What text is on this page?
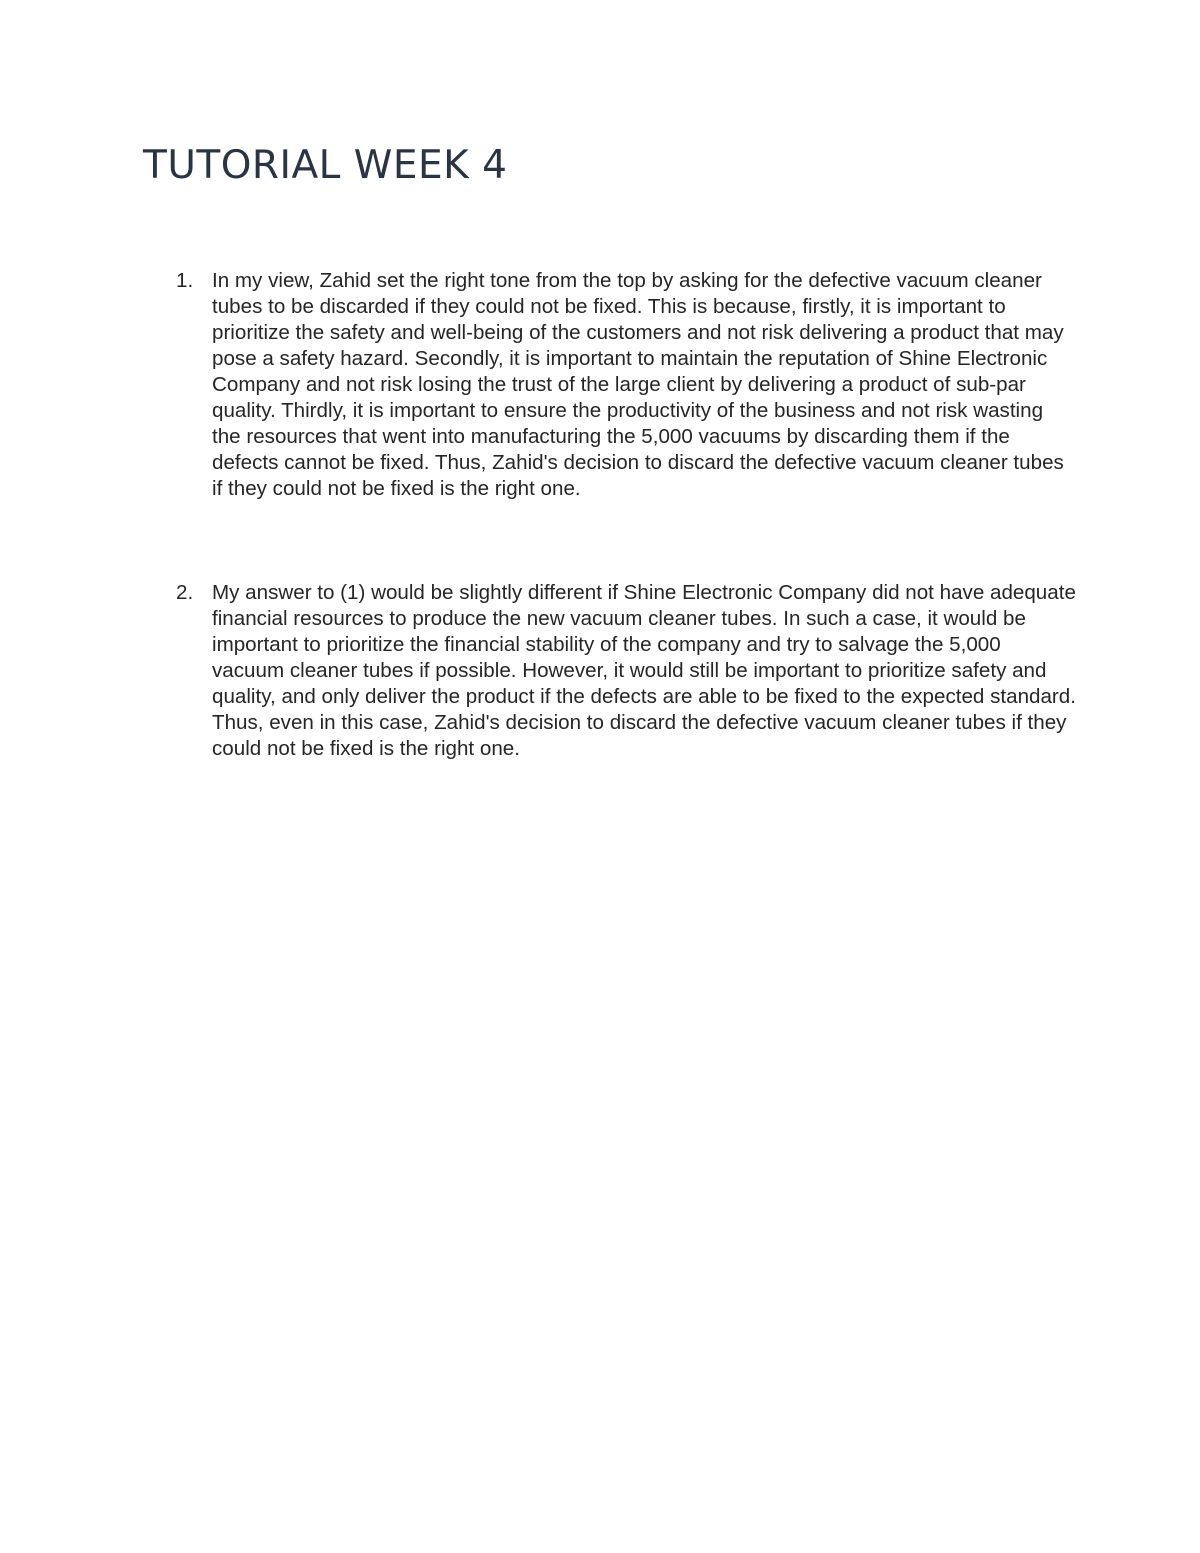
TUTORIAL WEEK 4
1. In my view, Zahid set the right tone from the top by asking for the defective vacuum cleaner tubes to be discarded if they could not be fixed. This is because, firstly, it is important to prioritize the safety and well-being of the customers and not risk delivering a product that may pose a safety hazard. Secondly, it is important to maintain the reputation of Shine Electronic Company and not risk losing the trust of the large client by delivering a product of sub-par quality. Thirdly, it is important to ensure the productivity of the business and not risk wasting the resources that went into manufacturing the 5,000 vacuums by discarding them if the defects cannot be fixed. Thus, Zahid's decision to discard the defective vacuum cleaner tubes if they could not be fixed is the right one.
2. My answer to (1) would be slightly different if Shine Electronic Company did not have adequate financial resources to produce the new vacuum cleaner tubes. In such a case, it would be important to prioritize the financial stability of the company and try to salvage the 5,000 vacuum cleaner tubes if possible. However, it would still be important to prioritize safety and quality, and only deliver the product if the defects are able to be fixed to the expected standard. Thus, even in this case, Zahid's decision to discard the defective vacuum cleaner tubes if they could not be fixed is the right one.
